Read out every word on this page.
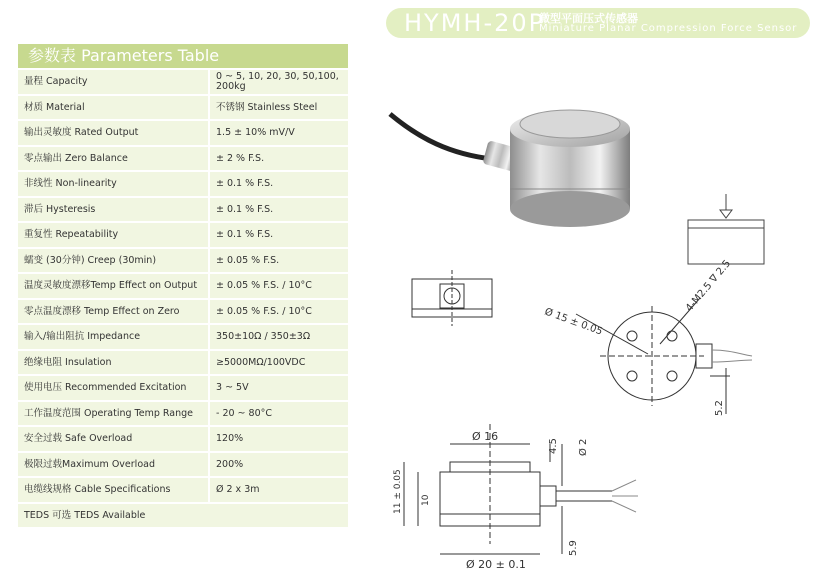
HYMH-20P
微型平面压式传感器
Miniature Planar Compression Force Sensor
参数表 Parameters Table
量程 Capacity	0 ~ 5, 10, 20, 30, 50,100, 200kg
材质 Material	不锈钢 Stainless Steel
输出灵敏度 Rated Output	1.5 ± 10% mV/V
零点输出 Zero Balance	± 2 % F.S.
非线性 Non-linearity	± 0.1 % F.S.
滞后 Hysteresis	± 0.1 % F.S.
重复性 Repeatability	± 0.1 % F.S.
蠕变 (30分钟) Creep (30min)	± 0.05 % F.S.
温度灵敏度漂移Temp Effect on Output	± 0.05 % F.S. / 10°C
零点温度漂移 Temp Effect on Zero	± 0.05 % F.S. / 10°C
输入/输出阻抗 Impedance	350±10Ω / 350±3Ω
绝缘电阻 Insulation	≥5000MΩ/100VDC
使用电压 Recommended Excitation	3 ~ 5V
工作温度范围 Operating Temp Range	- 20 ~ 80°C
安全过载 Safe Overload	120%
极限过载Maximum Overload	200%
电缆线规格 Cable Specifications	Ø 2 x 3m
TEDS 可选 TEDS Available
Ø 15 ± 0.05
4-M2.5 ∇ 2.5
5.2
Ø 16
4.5 Ø 2
11 ± 0.05 10
Ø 20 ± 0.1
5.9
